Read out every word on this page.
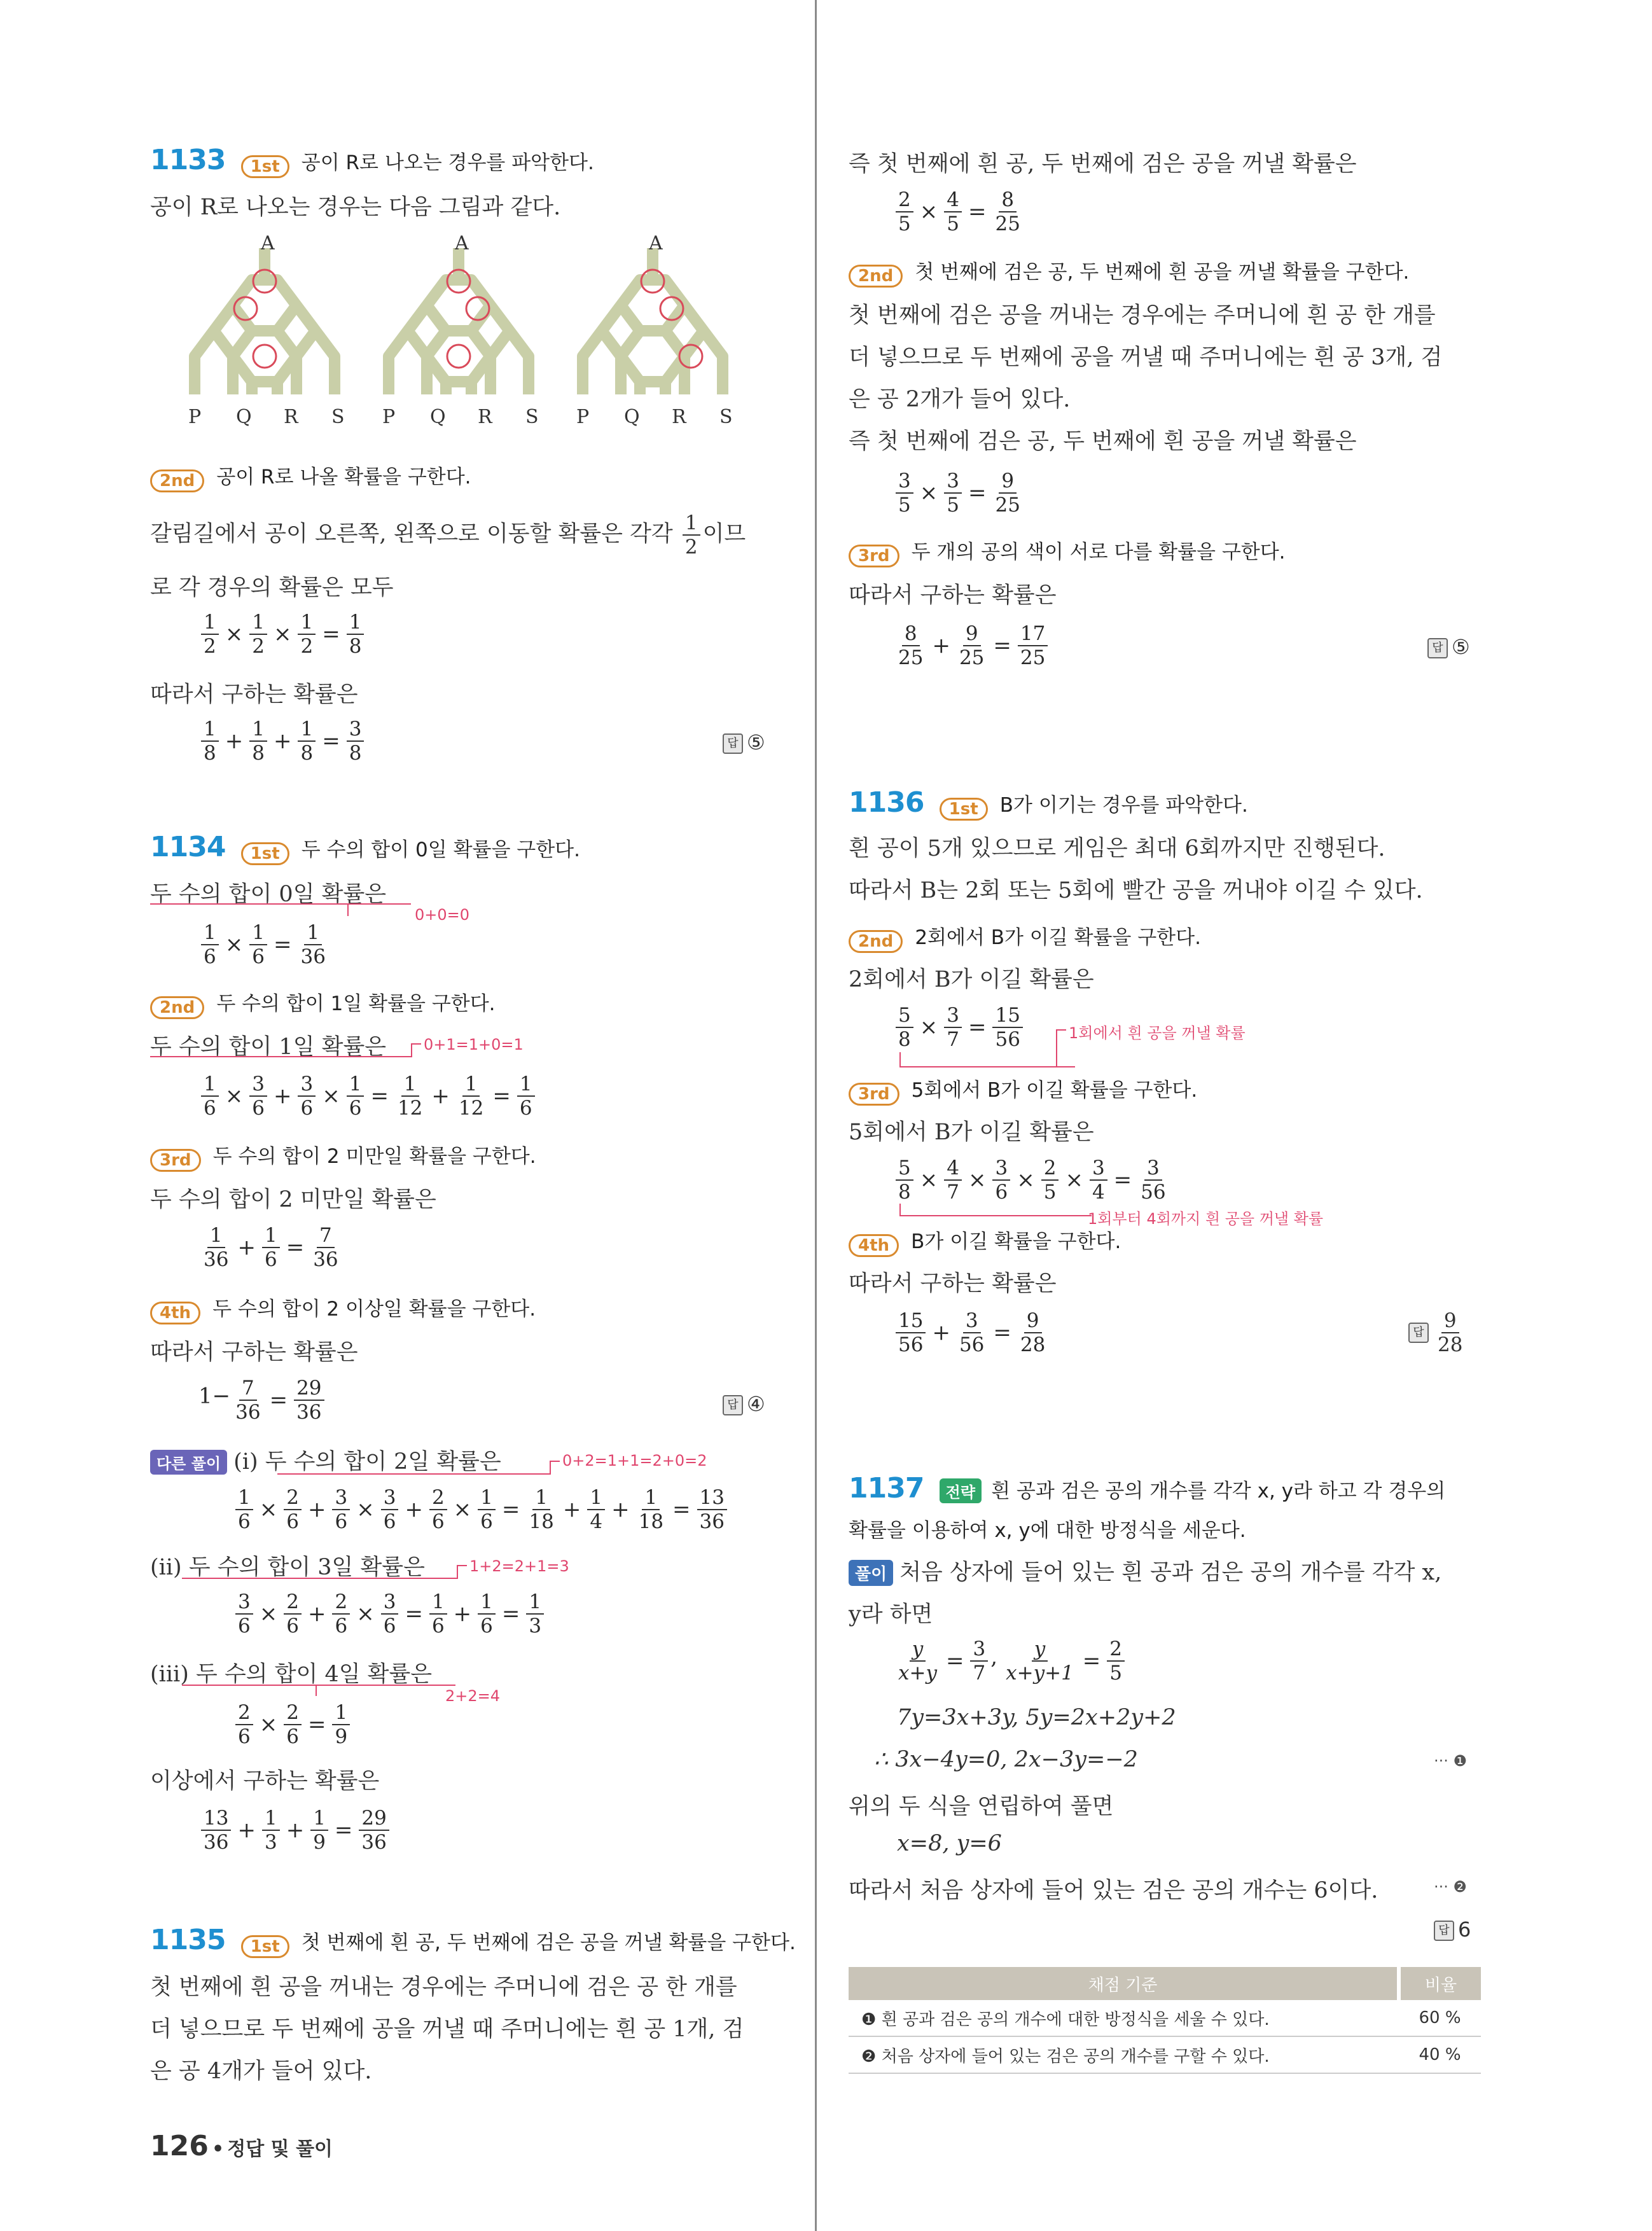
1133 1st 공이 R로 나오는 경우를 파악한다.
공이 R로 나오는 경우는 다음 그림과 같다.
A
P Q R S
A
P Q R S
A
P Q R S
2nd 공이 R로 나올 확률을 구한다.
갈림길에서 공이 오른쪽, 왼쪽으로 이동할 확률은 각각 $\frac{1}{2}$ 이므
로 각 경우의 확률은 모두
$\frac{1}{2} \times \frac{1}{2} \times \frac{1}{2} = \frac{1}{8}$
따라서 구하는 확률은
$\frac{1}{8} + \frac{1}{8} + \frac{1}{8} = \frac{3}{8}$	답 ⑤
1134 1st 두 수의 합이 0일 확률을 구한다.
두 수의 합이 0일 확률은
0+0=0
$\frac{1}{6} \times \frac{1}{6} = \frac{1}{36}$
2nd 두 수의 합이 1일 확률을 구한다.
두 수의 합이 1일 확률은 0+1=1+0=1
$\frac{1}{6} \times \frac{3}{6} + \frac{3}{6} \times \frac{1}{6} = \frac{1}{12} + \frac{1}{12} = \frac{1}{6}$
3rd 두 수의 합이 2 미만일 확률을 구한다.
두 수의 합이 2 미만일 확률은
$\frac{1}{36} + \frac{1}{6} = \frac{7}{36}$
4th 두 수의 합이 2 이상일 확률을 구한다.
따라서 구하는 확률은
$1- \frac{7}{36} = \frac{29}{36}$	답 ④
다른 풀이 (ⅰ) 두 수의 합이 2일 확률은	0+2=1+1=2+0=2
$\frac{1}{6} \times \frac{2}{6} + \frac{3}{6} \times \frac{3}{6} + \frac{2}{6} \times \frac{1}{6} = \frac{1}{18} + \frac{1}{4} + \frac{1}{18} = \frac{13}{36}$
(ⅱ) 두 수의 합이 3일 확률은	1+2=2+1=3
$\frac{3}{6} \times \frac{2}{6} + \frac{2}{6} \times \frac{3}{6} = \frac{1}{6} + \frac{1}{6} = \frac{1}{3}$
(ⅲ) 두 수의 합이 4일 확률은
2+2=4
$\frac{2}{6} \times \frac{2}{6} = \frac{1}{9}$
이상에서 구하는 확률은
$\frac{13}{36} + \frac{1}{3} + \frac{1}{9} = \frac{29}{36}$
1135 1st 첫 번째에 흰 공, 두 번째에 검은 공을 꺼낼 확률을 구한다.
첫 번째에 흰 공을 꺼내는 경우에는 주머니에 검은 공 한 개를
더 넣으므로 두 번째에 공을 꺼낼 때 주머니에는 흰 공 1개, 검
은 공 4개가 들어 있다.
126 • 정답 및 풀이
즉 첫 번째에 흰 공, 두 번째에 검은 공을 꺼낼 확률은
$\frac{2}{5} \times \frac{4}{5} = \frac{8}{25}$
2nd 첫 번째에 검은 공, 두 번째에 흰 공을 꺼낼 확률을 구한다.
첫 번째에 검은 공을 꺼내는 경우에는 주머니에 흰 공 한 개를
더 넣으므로 두 번째에 공을 꺼낼 때 주머니에는 흰 공 3개, 검
은 공 2개가 들어 있다.
즉 첫 번째에 검은 공, 두 번째에 흰 공을 꺼낼 확률은
$\frac{3}{5} \times \frac{3}{5} = \frac{9}{25}$
3rd 두 개의 공의 색이 서로 다를 확률을 구한다.
따라서 구하는 확률은
$\frac{8}{25} + \frac{9}{25} = \frac{17}{25}$	답 ⑤
1136 1st B가 이기는 경우를 파악한다.
흰 공이 5개 있으므로 게임은 최대 6회까지만 진행된다.
따라서 B는 2회 또는 5회에 빨간 공을 꺼내야 이길 수 있다.
2nd 2회에서 B가 이길 확률을 구한다.
2회에서 B가 이길 확률은
$\frac{5}{8} \times \frac{3}{7} = \frac{15}{56}$	1회에서 흰 공을 꺼낼 확률
3rd 5회에서 B가 이길 확률을 구한다.
5회에서 B가 이길 확률은
$\frac{5}{8} \times \frac{4}{7} \times \frac{3}{6} \times \frac{2}{5} \times \frac{3}{4} = \frac{3}{56}$
1회부터 4회까지 흰 공을 꺼낼 확률
4th B가 이길 확률을 구한다.
따라서 구하는 확률은
$\frac{15}{56} + \frac{3}{56} = \frac{9}{28}$	답 $\frac{9}{28}$
1137 전략 흰 공과 검은 공의 개수를 각각 x, y라 하고 각 경우의
확률을 이용하여 x, y에 대한 방정식을 세운다.
풀이 처음 상자에 들어 있는 흰 공과 검은 공의 개수를 각각 x,
y라 하면
$\frac{y}{x+y} = \frac{3}{7}$ , $\frac{y}{x+y+1} = \frac{2}{5}$
7y=3x+3y, 5y=2x+2y+2
∴ 3x−4y=0, 2x−3y=−2	··· ❶
위의 두 식을 연립하여 풀면
x=8, y=6
따라서 처음 상자에 들어 있는 검은 공의 개수는 6이다.	··· ❷
답 6
채점 기준	비율
❶ 흰 공과 검은 공의 개수에 대한 방정식을 세울 수 있다.	60 %
❷ 처음 상자에 들어 있는 검은 공의 개수를 구할 수 있다.	40 %
